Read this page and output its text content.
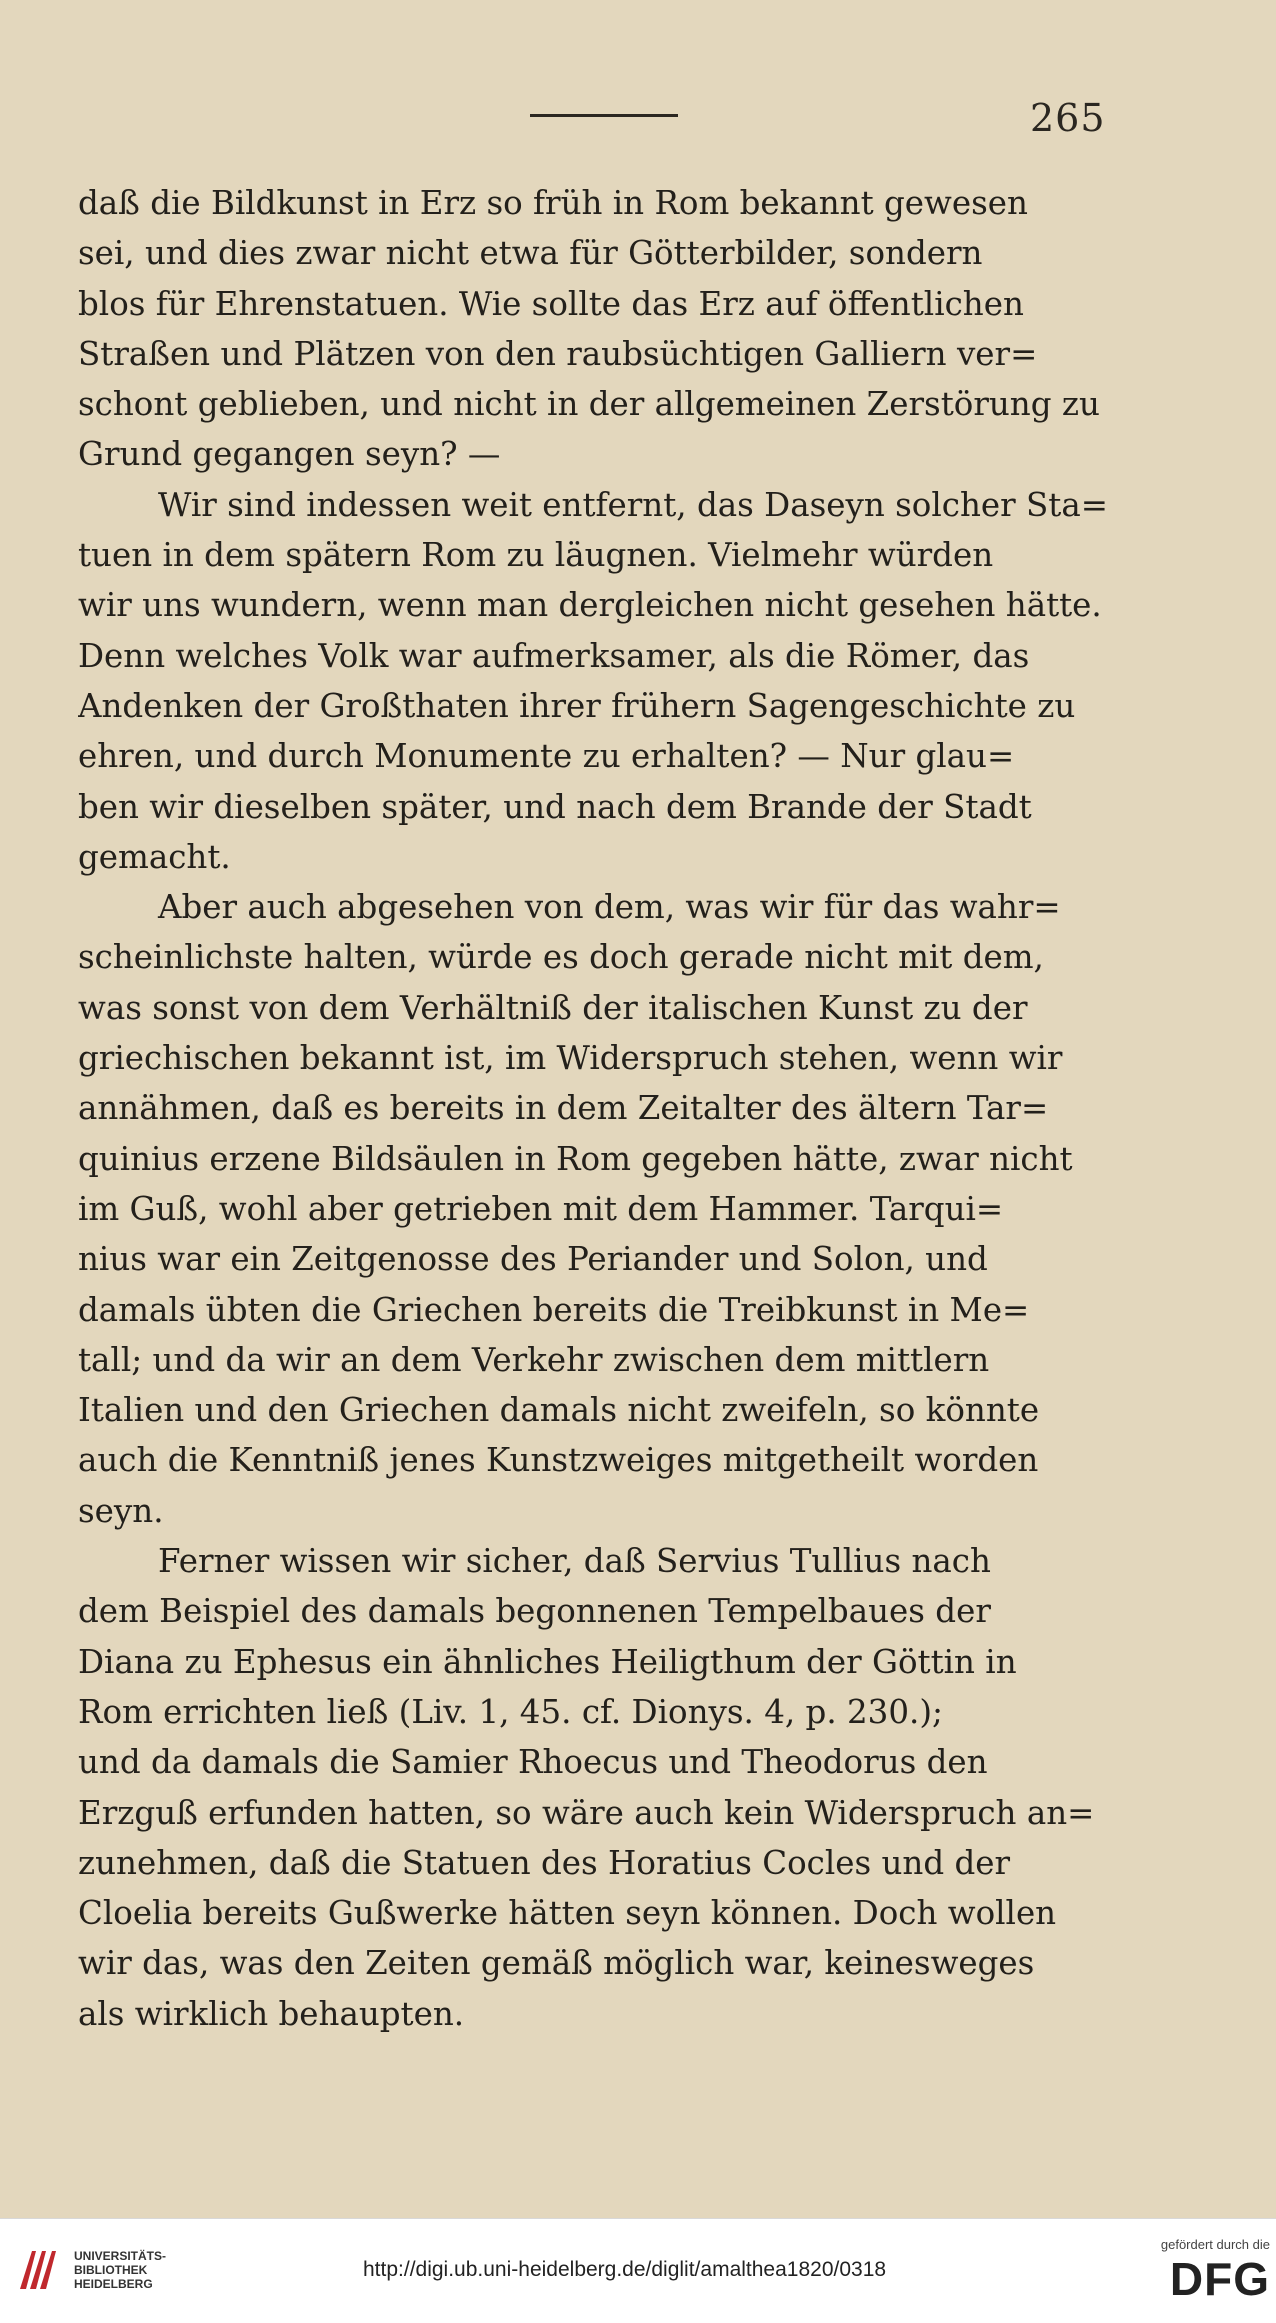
265
daß die Bildkunst in Erz so früh in Rom bekannt gewesen
sei, und dies zwar nicht etwa für Götterbilder, sondern
blos für Ehrenstatuen. Wie sollte das Erz auf öffentlichen
Straßen und Plätzen von den raubsüchtigen Galliern ver=
schont geblieben, und nicht in der allgemeinen Zerstörung zu
Grund gegangen seyn? —
Wir sind indessen weit entfernt, das Daseyn solcher Sta=
tuen in dem spätern Rom zu läugnen. Vielmehr würden
wir uns wundern, wenn man dergleichen nicht gesehen hätte.
Denn welches Volk war aufmerksamer, als die Römer, das
Andenken der Großthaten ihrer frühern Sagengeschichte zu
ehren, und durch Monumente zu erhalten? — Nur glau=
ben wir dieselben später, und nach dem Brande der Stadt
gemacht.
Aber auch abgesehen von dem, was wir für das wahr=
scheinlichste halten, würde es doch gerade nicht mit dem,
was sonst von dem Verhältniß der italischen Kunst zu der
griechischen bekannt ist, im Widerspruch stehen, wenn wir
annähmen, daß es bereits in dem Zeitalter des ältern Tar=
quinius erzene Bildsäulen in Rom gegeben hätte, zwar nicht
im Guß, wohl aber getrieben mit dem Hammer. Tarqui=
nius war ein Zeitgenosse des Periander und Solon, und
damals übten die Griechen bereits die Treibkunst in Me=
tall; und da wir an dem Verkehr zwischen dem mittlern
Italien und den Griechen damals nicht zweifeln, so könnte
auch die Kenntniß jenes Kunstzweiges mitgetheilt worden
seyn.
Ferner wissen wir sicher, daß Servius Tullius nach
dem Beispiel des damals begonnenen Tempelbaues der
Diana zu Ephesus ein ähnliches Heiligthum der Göttin in
Rom errichten ließ (Liv. 1, 45. cf. Dionys. 4, p. 230.);
und da damals die Samier Rhoecus und Theodorus den
Erzguß erfunden hatten, so wäre auch kein Widerspruch an=
zunehmen, daß die Statuen des Horatius Cocles und der
Cloelia bereits Gußwerke hätten seyn können. Doch wollen
wir das, was den Zeiten gemäß möglich war, keinesweges
als wirklich behaupten.
UNIVERSITÄTS-
BIBLIOTHEK
HEIDELBERG
http://digi.ub.uni-heidelberg.de/diglit/amalthea1820/0318
gefördert durch die
DFG
